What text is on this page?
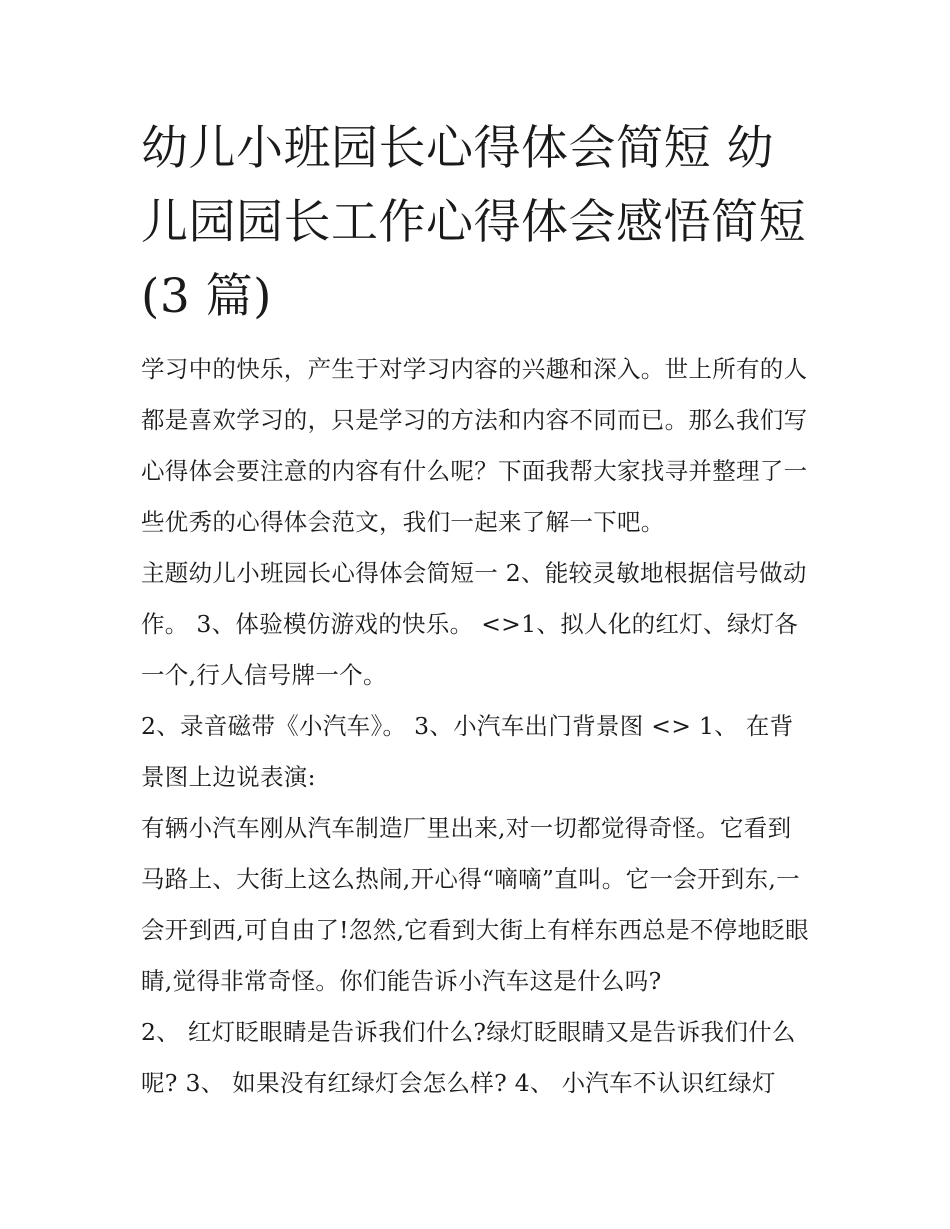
幼儿小班园长心得体会简短 幼儿园园长工作心得体会感悟简短(3 篇)

学习中的快乐，产生于对学习内容的兴趣和深入。世上所有的人都是喜欢学习的，只是学习的方法和内容不同而已。那么我们写心得体会要注意的内容有什么呢？下面我帮大家找寻并整理了一些优秀的心得体会范文，我们一起来了解一下吧。

主题幼儿小班园长心得体会简短一 2、能较灵敏地根据信号做动作。 3、体验模仿游戏的快乐。 <>1、拟人化的红灯、绿灯各一个,行人信号牌一个。

2、录音磁带《小汽车》。 3、小汽车出门背景图 <> 1、 在背景图上边说表演:

有辆小汽车刚从汽车制造厂里出来,对一切都觉得奇怪。它看到马路上、大街上这么热闹,开心得“嘀嘀”直叫。它一会开到东,一会开到西,可自由了!忽然,它看到大街上有样东西总是不停地眨眼睛,觉得非常奇怪。你们能告诉小汽车这是什么吗?

2、 红灯眨眼睛是告诉我们什么?绿灯眨眼睛又是告诉我们什么呢? 3、 如果没有红绿灯会怎么样? 4、 小汽车不认识红绿灯
